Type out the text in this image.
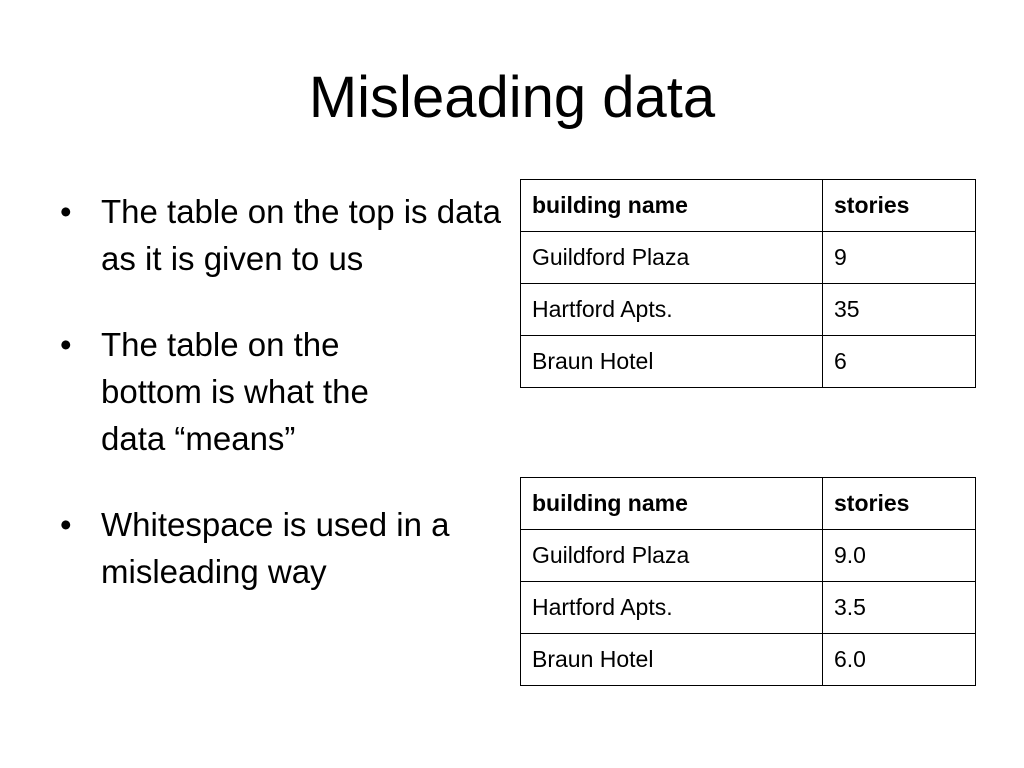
Misleading data
• The table on the top is data as it is given to us
• The table on the bottom is what the data “means”
• Whitespace is used in a misleading way
building name	stories
Guildford Plaza	9
Hartford Apts.	35
Braun Hotel	6
building name	stories
Guildford Plaza	9.0
Hartford Apts.	3.5
Braun Hotel	6.0
